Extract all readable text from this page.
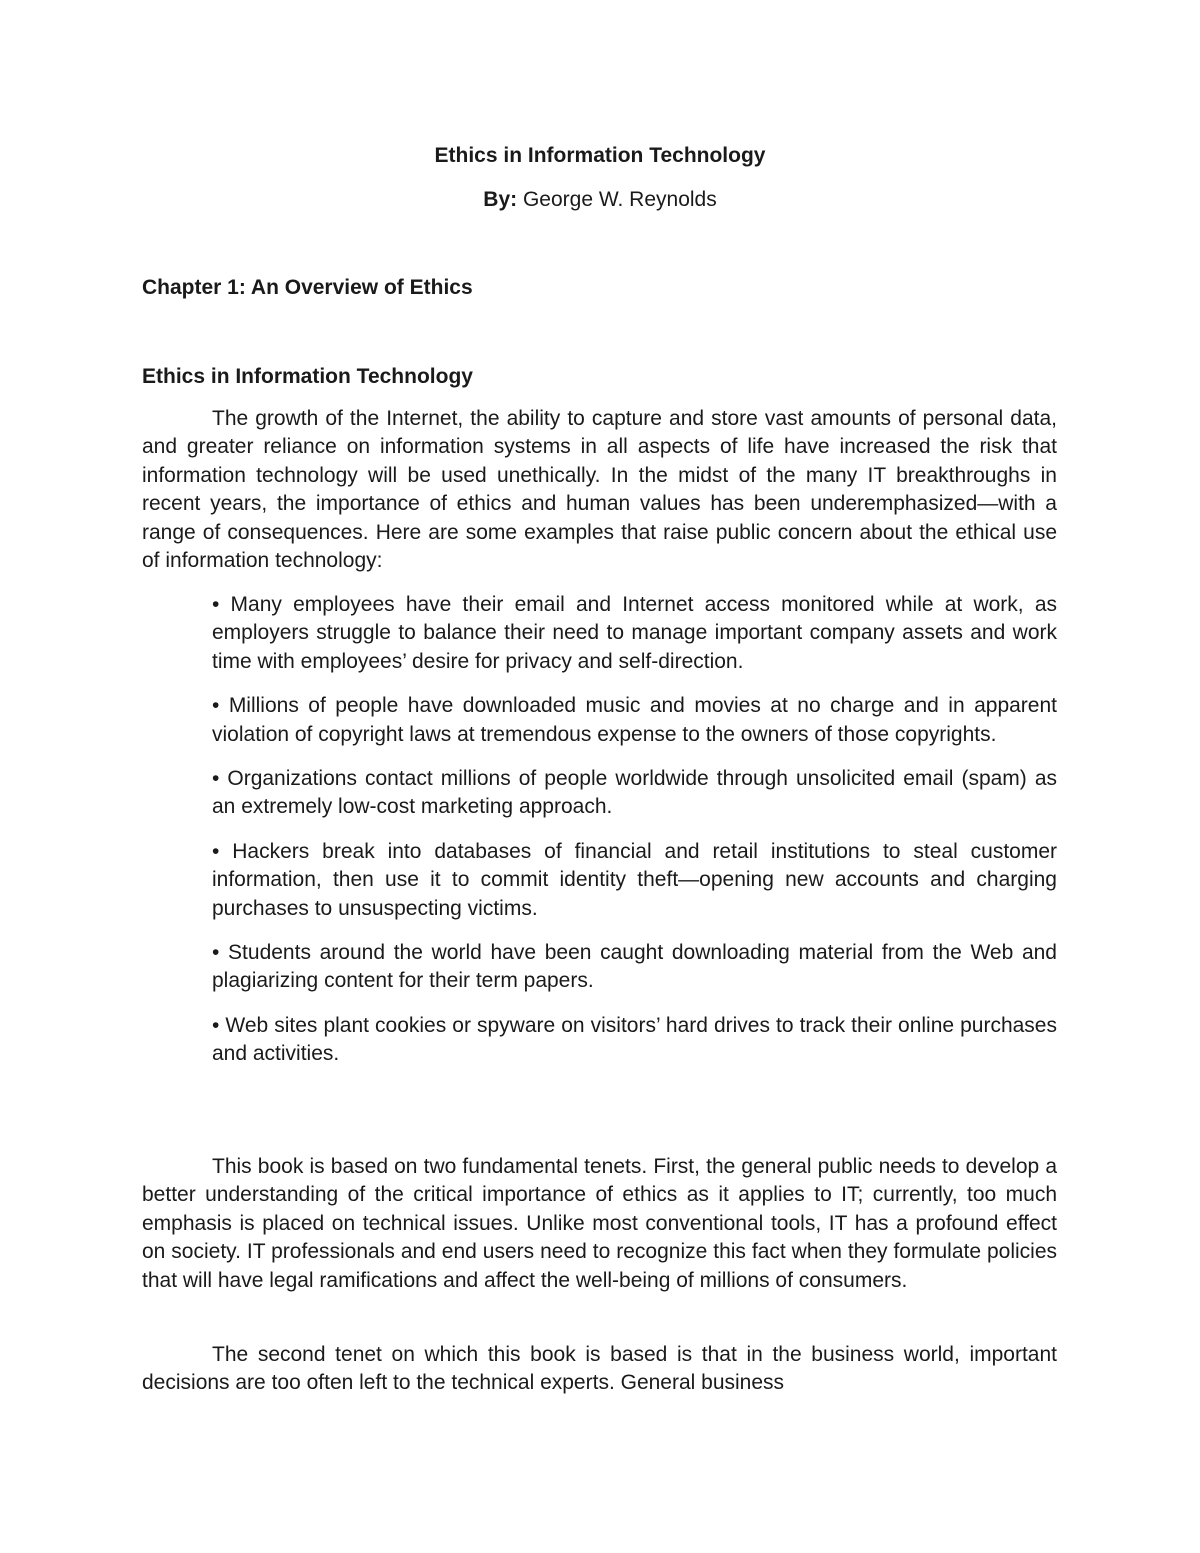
Ethics in Information Technology
By: George W. Reynolds
Chapter 1: An Overview of Ethics
Ethics in Information Technology

The growth of the Internet, the ability to capture and store vast amounts of personal data, and greater reliance on information systems in all aspects of life have increased the risk that information technology will be used unethically. In the midst of the many IT breakthroughs in recent years, the importance of ethics and human values has been underemphasized—with a range of consequences. Here are some examples that raise public concern about the ethical use of information technology:

• Many employees have their email and Internet access monitored while at work, as employers struggle to balance their need to manage important company assets and work time with employees’ desire for privacy and self-direction.
• Millions of people have downloaded music and movies at no charge and in apparent violation of copyright laws at tremendous expense to the owners of those copyrights.
• Organizations contact millions of people worldwide through unsolicited email (spam) as an extremely low-cost marketing approach.
• Hackers break into databases of financial and retail institutions to steal customer information, then use it to commit identity theft—opening new accounts and charging purchases to unsuspecting victims.
• Students around the world have been caught downloading material from the Web and plagiarizing content for their term papers.
• Web sites plant cookies or spyware on visitors’ hard drives to track their online purchases and activities.

This book is based on two fundamental tenets. First, the general public needs to develop a better understanding of the critical importance of ethics as it applies to IT; currently, too much emphasis is placed on technical issues. Unlike most conventional tools, IT has a profound effect on society. IT professionals and end users need to recognize this fact when they formulate policies that will have legal ramifications and affect the well-being of millions of consumers.

The second tenet on which this book is based is that in the business world, important decisions are too often left to the technical experts. General business
